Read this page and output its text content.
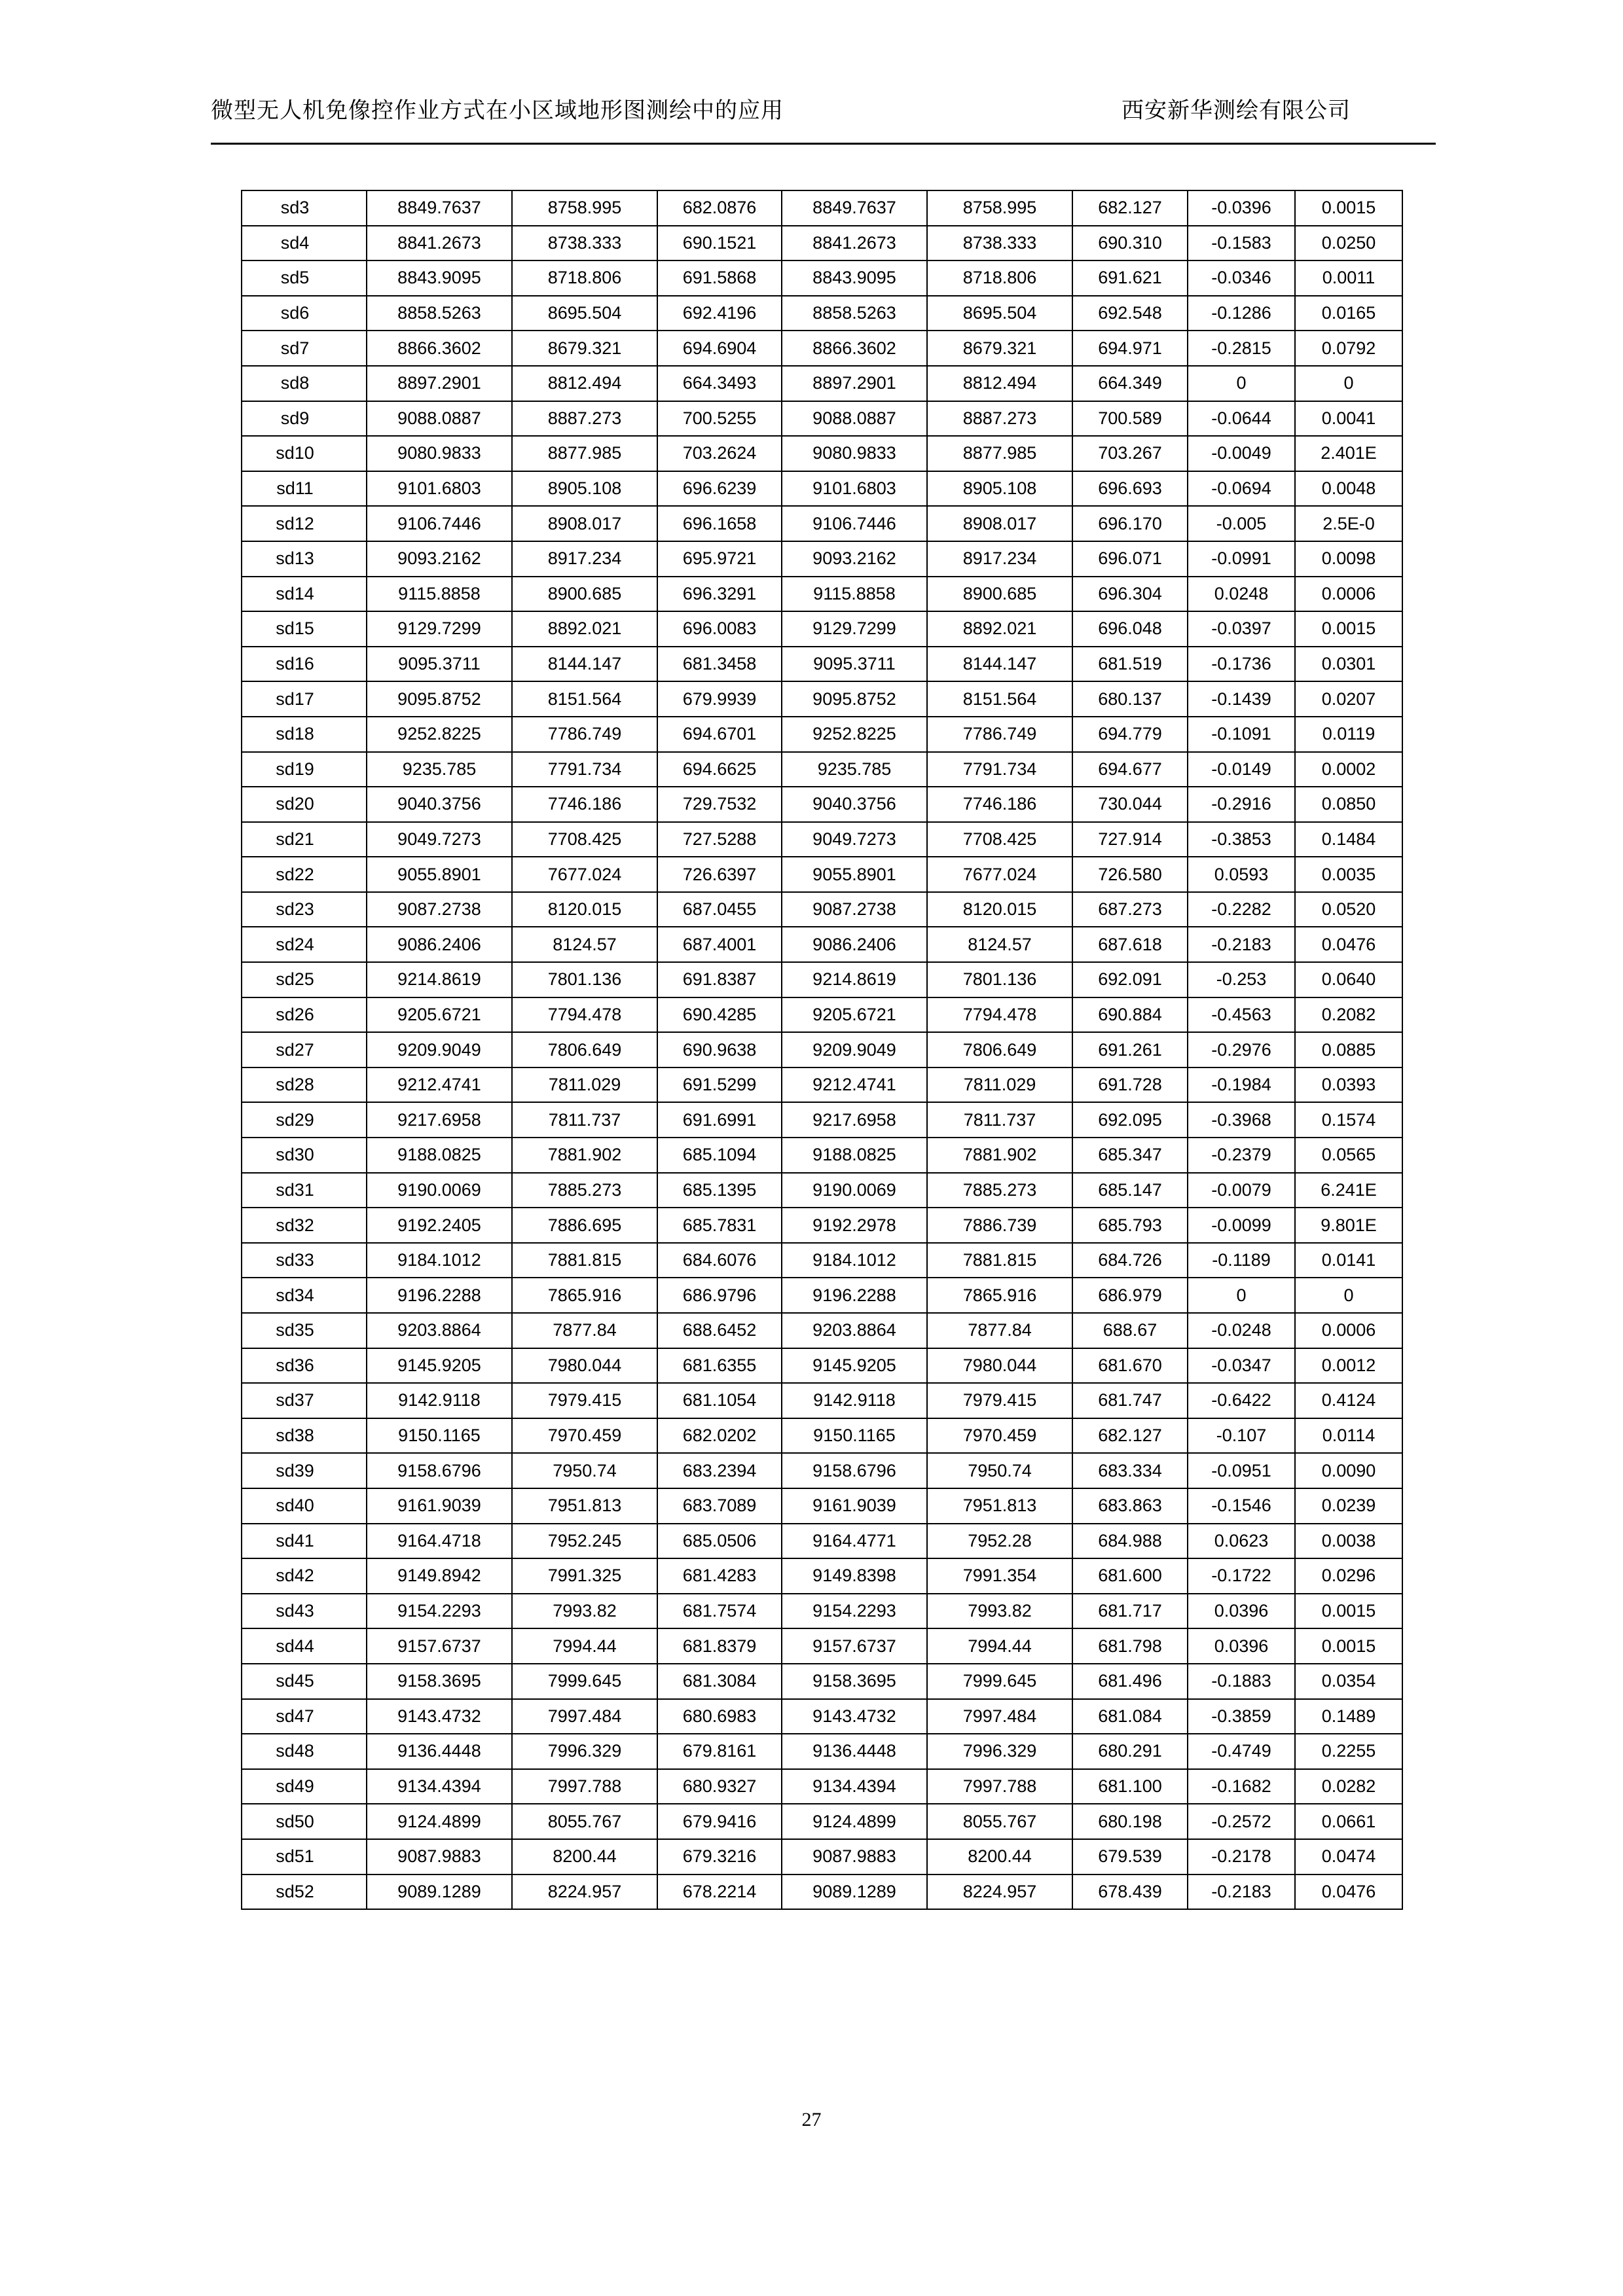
微型无人机免像控作业方式在小区域地形图测绘中的应用	西安新华测绘有限公司
sd3	8849.7637	8758.995	682.0876	8849.7637	8758.995	682.127	-0.0396	0.0015
sd4	8841.2673	8738.333	690.1521	8841.2673	8738.333	690.310	-0.1583	0.0250
sd5	8843.9095	8718.806	691.5868	8843.9095	8718.806	691.621	-0.0346	0.0011
sd6	8858.5263	8695.504	692.4196	8858.5263	8695.504	692.548	-0.1286	0.0165
sd7	8866.3602	8679.321	694.6904	8866.3602	8679.321	694.971	-0.2815	0.0792
sd8	8897.2901	8812.494	664.3493	8897.2901	8812.494	664.349	0	0
sd9	9088.0887	8887.273	700.5255	9088.0887	8887.273	700.589	-0.0644	0.0041
sd10	9080.9833	8877.985	703.2624	9080.9833	8877.985	703.267	-0.0049	2.401E
sd11	9101.6803	8905.108	696.6239	9101.6803	8905.108	696.693	-0.0694	0.0048
sd12	9106.7446	8908.017	696.1658	9106.7446	8908.017	696.170	-0.005	2.5E-0
sd13	9093.2162	8917.234	695.9721	9093.2162	8917.234	696.071	-0.0991	0.0098
sd14	9115.8858	8900.685	696.3291	9115.8858	8900.685	696.304	0.0248	0.0006
sd15	9129.7299	8892.021	696.0083	9129.7299	8892.021	696.048	-0.0397	0.0015
sd16	9095.3711	8144.147	681.3458	9095.3711	8144.147	681.519	-0.1736	0.0301
sd17	9095.8752	8151.564	679.9939	9095.8752	8151.564	680.137	-0.1439	0.0207
sd18	9252.8225	7786.749	694.6701	9252.8225	7786.749	694.779	-0.1091	0.0119
sd19	9235.785	7791.734	694.6625	9235.785	7791.734	694.677	-0.0149	0.0002
sd20	9040.3756	7746.186	729.7532	9040.3756	7746.186	730.044	-0.2916	0.0850
sd21	9049.7273	7708.425	727.5288	9049.7273	7708.425	727.914	-0.3853	0.1484
sd22	9055.8901	7677.024	726.6397	9055.8901	7677.024	726.580	0.0593	0.0035
sd23	9087.2738	8120.015	687.0455	9087.2738	8120.015	687.273	-0.2282	0.0520
sd24	9086.2406	8124.57	687.4001	9086.2406	8124.57	687.618	-0.2183	0.0476
sd25	9214.8619	7801.136	691.8387	9214.8619	7801.136	692.091	-0.253	0.0640
sd26	9205.6721	7794.478	690.4285	9205.6721	7794.478	690.884	-0.4563	0.2082
sd27	9209.9049	7806.649	690.9638	9209.9049	7806.649	691.261	-0.2976	0.0885
sd28	9212.4741	7811.029	691.5299	9212.4741	7811.029	691.728	-0.1984	0.0393
sd29	9217.6958	7811.737	691.6991	9217.6958	7811.737	692.095	-0.3968	0.1574
sd30	9188.0825	7881.902	685.1094	9188.0825	7881.902	685.347	-0.2379	0.0565
sd31	9190.0069	7885.273	685.1395	9190.0069	7885.273	685.147	-0.0079	6.241E
sd32	9192.2405	7886.695	685.7831	9192.2978	7886.739	685.793	-0.0099	9.801E
sd33	9184.1012	7881.815	684.6076	9184.1012	7881.815	684.726	-0.1189	0.0141
sd34	9196.2288	7865.916	686.9796	9196.2288	7865.916	686.979	0	0
sd35	9203.8864	7877.84	688.6452	9203.8864	7877.84	688.67	-0.0248	0.0006
sd36	9145.9205	7980.044	681.6355	9145.9205	7980.044	681.670	-0.0347	0.0012
sd37	9142.9118	7979.415	681.1054	9142.9118	7979.415	681.747	-0.6422	0.4124
sd38	9150.1165	7970.459	682.0202	9150.1165	7970.459	682.127	-0.107	0.0114
sd39	9158.6796	7950.74	683.2394	9158.6796	7950.74	683.334	-0.0951	0.0090
sd40	9161.9039	7951.813	683.7089	9161.9039	7951.813	683.863	-0.1546	0.0239
sd41	9164.4718	7952.245	685.0506	9164.4771	7952.28	684.988	0.0623	0.0038
sd42	9149.8942	7991.325	681.4283	9149.8398	7991.354	681.600	-0.1722	0.0296
sd43	9154.2293	7993.82	681.7574	9154.2293	7993.82	681.717	0.0396	0.0015
sd44	9157.6737	7994.44	681.8379	9157.6737	7994.44	681.798	0.0396	0.0015
sd45	9158.3695	7999.645	681.3084	9158.3695	7999.645	681.496	-0.1883	0.0354
sd47	9143.4732	7997.484	680.6983	9143.4732	7997.484	681.084	-0.3859	0.1489
sd48	9136.4448	7996.329	679.8161	9136.4448	7996.329	680.291	-0.4749	0.2255
sd49	9134.4394	7997.788	680.9327	9134.4394	7997.788	681.100	-0.1682	0.0282
sd50	9124.4899	8055.767	679.9416	9124.4899	8055.767	680.198	-0.2572	0.0661
sd51	9087.9883	8200.44	679.3216	9087.9883	8200.44	679.539	-0.2178	0.0474
sd52	9089.1289	8224.957	678.2214	9089.1289	8224.957	678.439	-0.2183	0.0476
27
